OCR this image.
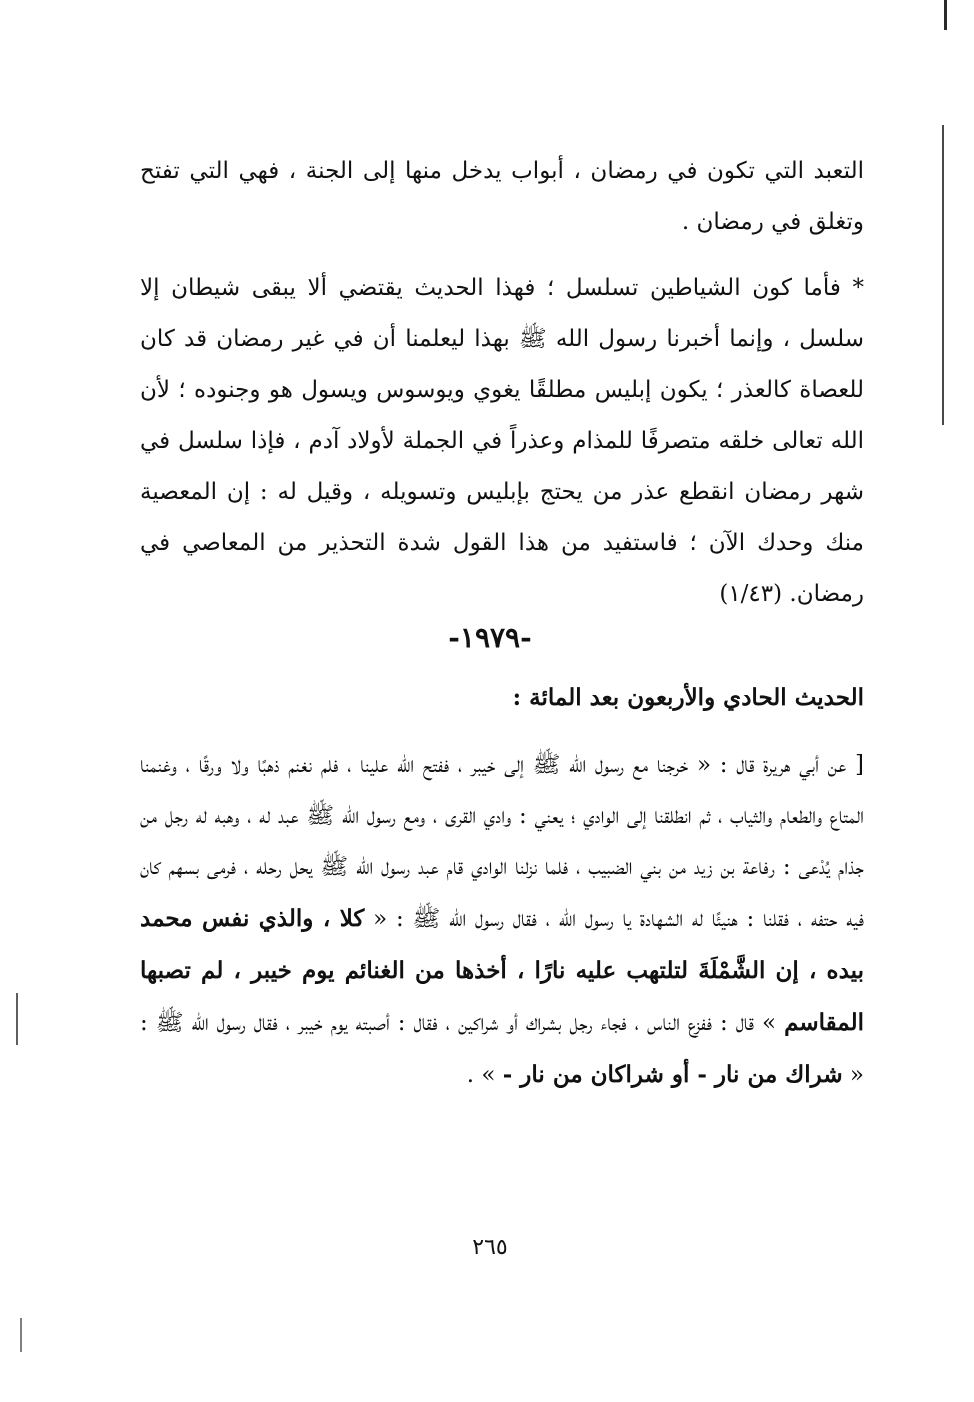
التعبد التي تكون في رمضان ، أبواب يدخل منها إلى الجنة ، فهي التي تفتح وتغلق في رمضان .

* فأما كون الشياطين تسلسل ؛ فهذا الحديث يقتضي ألا يبقى شيطان إلا سلسل ، وإنما أخبرنا رسول الله ﷺ بهذا ليعلمنا أن في غير رمضان قد كان للعصاة كالعذر ؛ يكون إبليس مطلقًا يغوي ويوسوس ويسول هو وجنوده ؛ لأن الله تعالى خلقه متصرفًا للمذام وعذراً في الجملة لأولاد آدم ، فإذا سلسل في شهر رمضان انقطع عذر من يحتج بإبليس وتسويله ، وقيل له : إن المعصية منك وحدك الآن ؛ فاستفيد من هذا القول شدة التحذير من المعاصي في رمضان. (١/٤٣)

-١٩٧٩-

الحديث الحادي والأربعون بعد المائة :

[ عن أبي هريرة قال : « خرجنا مع رسول الله ﷺ إلى خيبر ، ففتح الله علينا ، فلم نغنم ذهبًا ولا ورقًا ، وغنمنا المتاع والطعام والثياب ، ثم انطلقنا إلى الوادي ؛ يعني : وادي القرى ، ومع رسول الله ﷺ عبد له ، وهبه له رجل من جذام يُدْعى : رفاعة بن زيد من بني الضبيب ، فلما نزلنا الوادي قام عبد رسول الله ﷺ يحل رحله ، فرمى بسهم كان فيه حتفه ، فقلنا : هنيئًا له الشهادة يا رسول الله ، فقال رسول الله ﷺ : « كلا ، والذي نفس محمد بيده ، إن الشَّمْلَةَ لتلتهب عليه نارًا ، أخذها من الغنائم يوم خيبر ، لم تصبها المقاسم » قال : ففزع الناس ، فجاء رجل بشراك أو شراكين ، فقال : أصبته يوم خيبر ، فقال رسول الله ﷺ : « شراك من نار - أو شراكان من نار - » .

٢٦٥
